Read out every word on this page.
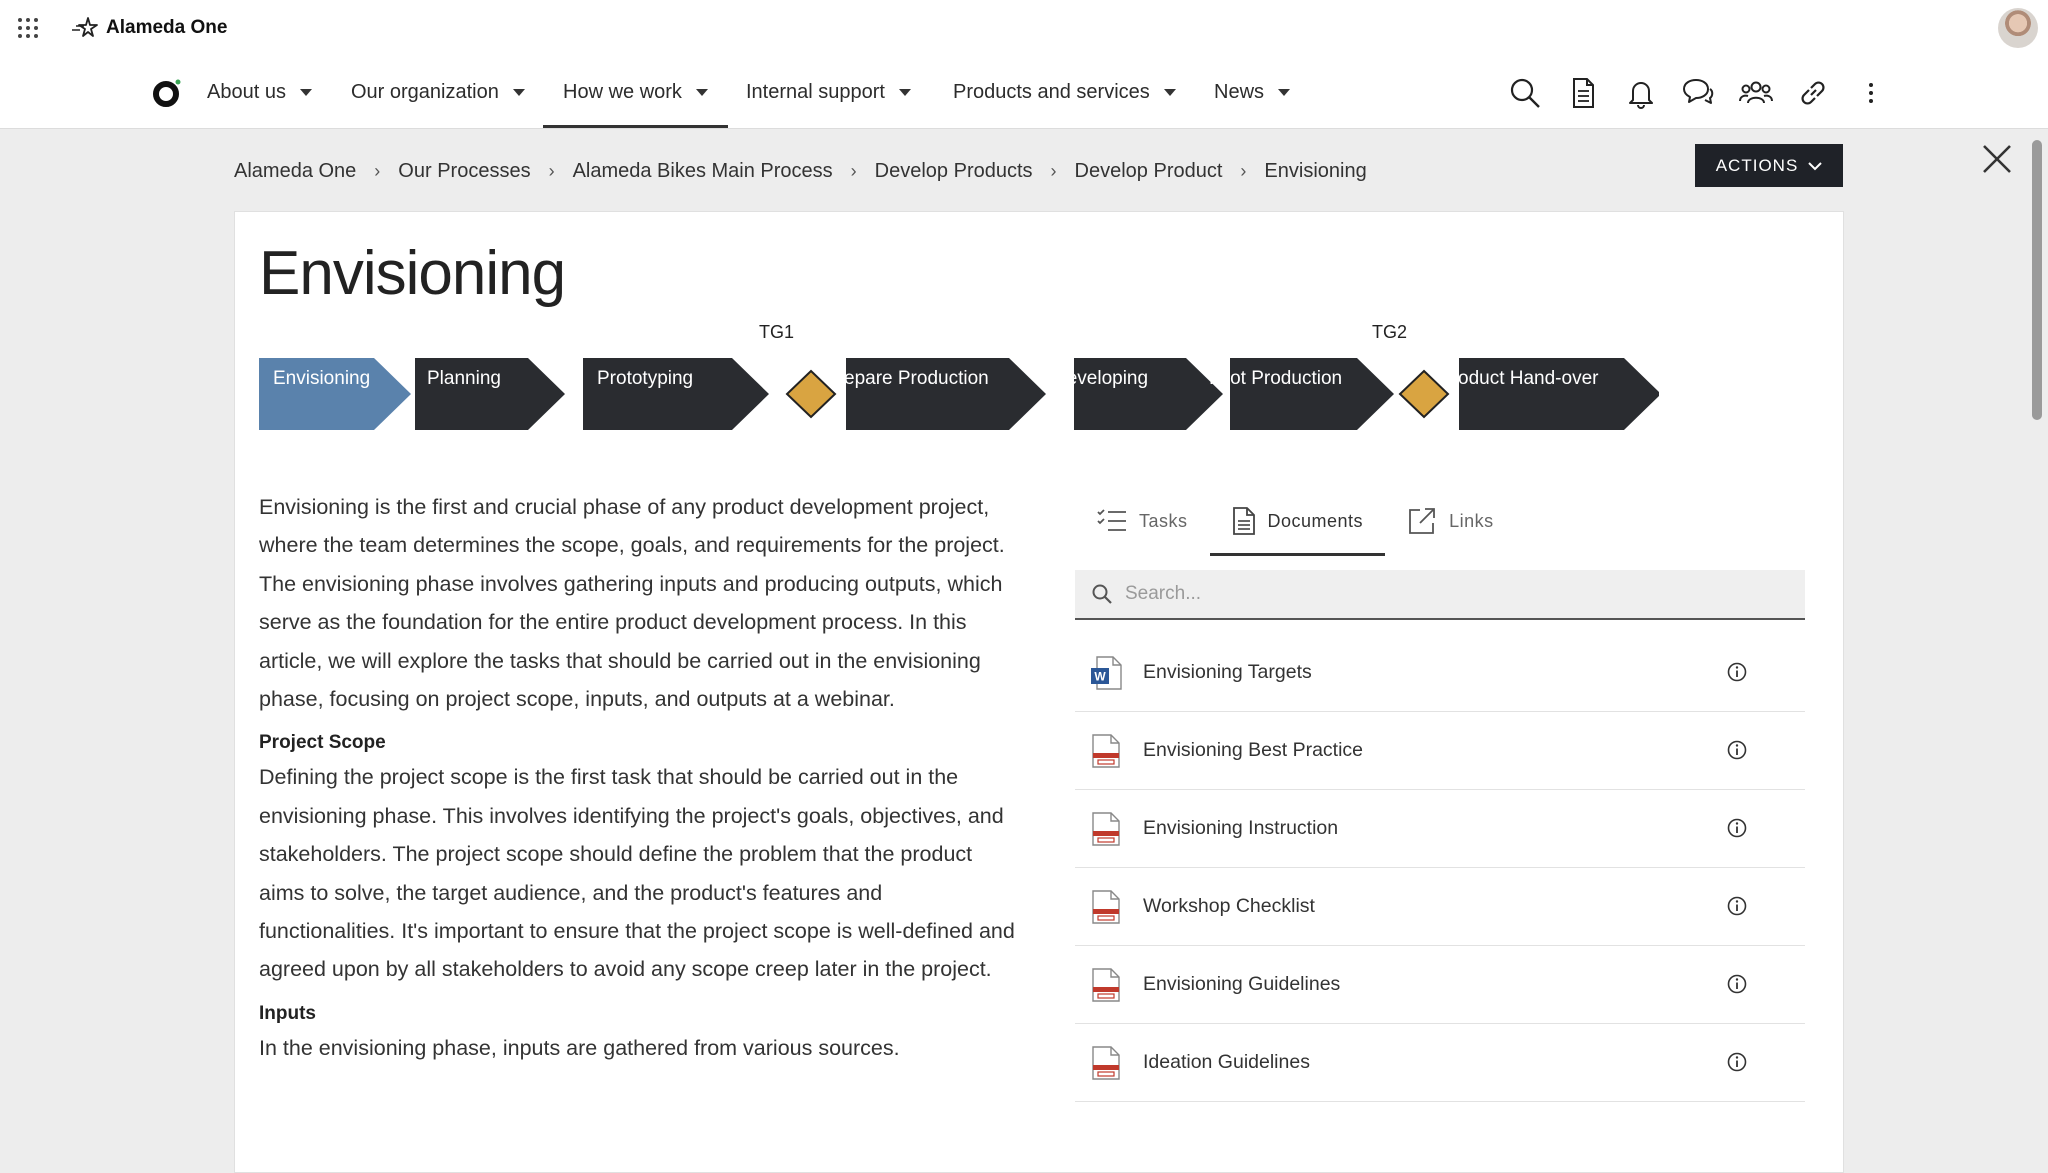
Alameda One
About us	Our organization	How we work	Internal support	Products and services	News
Alameda One › Our Processes › Alameda Bikes Main Process › Develop Products › Develop Product › Envisioning	ACTIONS
Envisioning
TG1	TG2
Envisioning	Planning	Prototyping	Prepare Production	Developing	Pilot Production	Product Hand-over

Envisioning is the first and crucial phase of any product development project, where the team determines the scope, goals, and requirements for the project. The envisioning phase involves gathering inputs and producing outputs, which serve as the foundation for the entire product development process. In this article, we will explore the tasks that should be carried out in the envisioning phase, focusing on project scope, inputs, and outputs at a webinar.

Project Scope

Defining the project scope is the first task that should be carried out in the envisioning phase. This involves identifying the project's goals, objectives, and stakeholders. The project scope should define the problem that the product aims to solve, the target audience, and the product's features and functionalities. It's important to ensure that the project scope is well-defined and agreed upon by all stakeholders to avoid any scope creep later in the project.

Inputs

In the envisioning phase, inputs are gathered from various sources.

Tasks	Documents	Links
Search...
W Envisioning Targets
Envisioning Best Practice
Envisioning Instruction
Workshop Checklist
Envisioning Guidelines
Ideation Guidelines
